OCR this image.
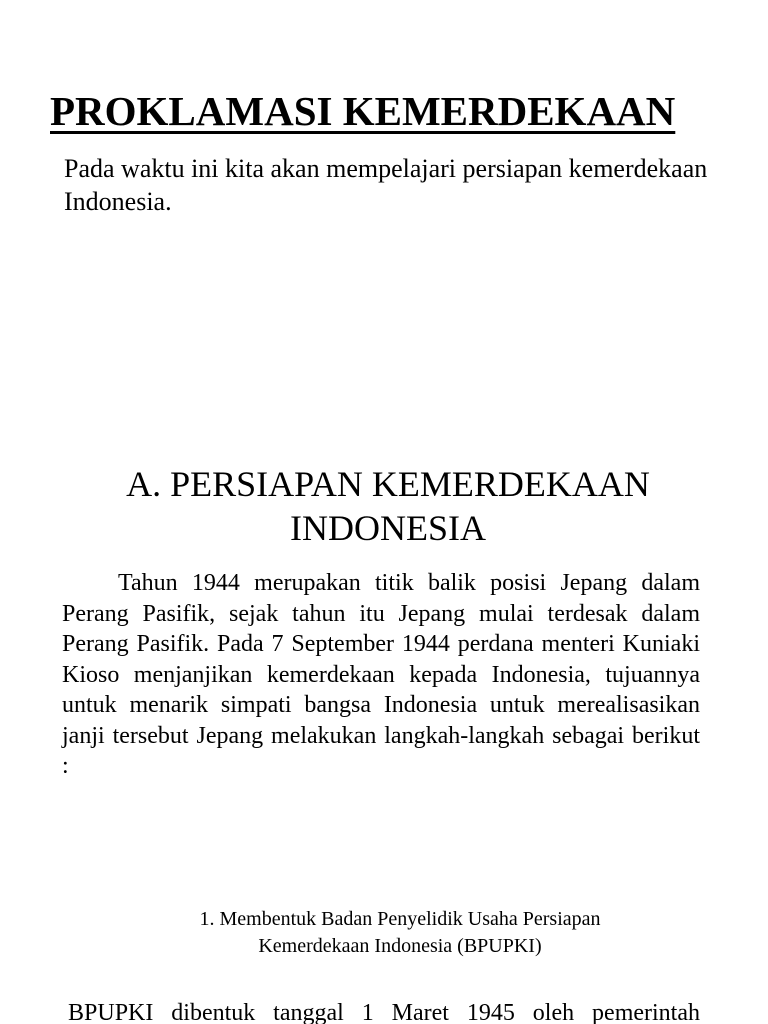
PROKLAMASI KEMERDEKAAN

Pada waktu ini kita akan mempelajari persiapan kemerdekaan Indonesia.

A. PERSIAPAN KEMERDEKAAN INDONESIA

Tahun 1944 merupakan titik balik posisi Jepang dalam Perang Pasifik, sejak tahun itu Jepang mulai terdesak dalam Perang Pasifik. Pada 7 September 1944 perdana menteri Kuniaki Kioso menjanjikan kemerdekaan kepada Indonesia, tujuannya untuk menarik simpati bangsa Indonesia untuk merealisasikan janji tersebut Jepang melakukan langkah-langkah sebagai berikut :

1. Membentuk Badan Penyelidik Usaha Persiapan Kemerdekaan Indonesia (BPUPKI)

BPUPKI dibentuk tanggal 1 Maret 1945 oleh pemerintah
